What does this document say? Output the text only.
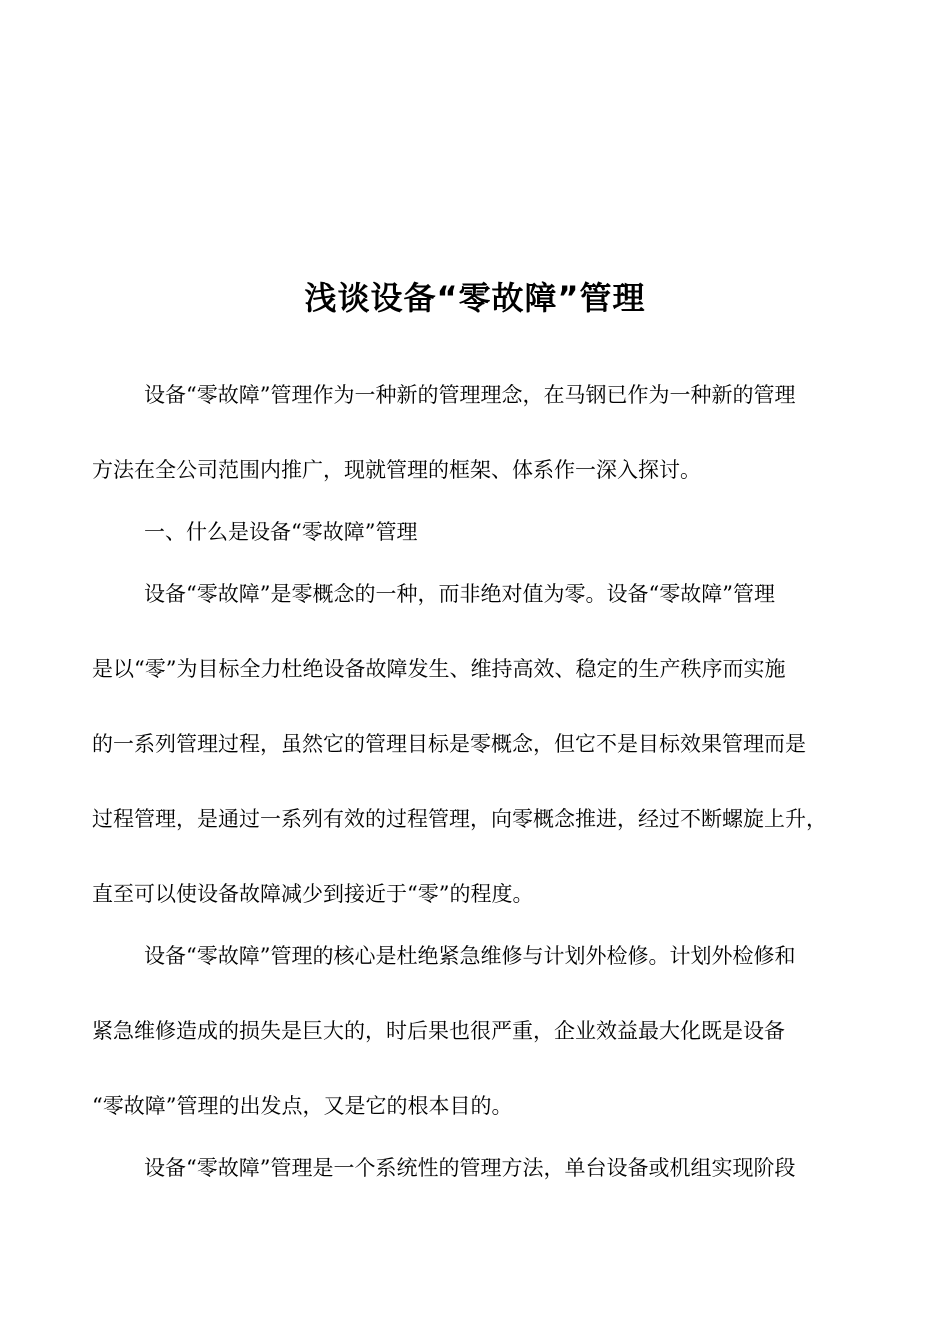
浅谈设备“零故障”管理

设备“零故障”管理作为一种新的管理理念，在马钢已作为一种新的管理

方法在全公司范围内推广，现就管理的框架、体系作一深入探讨。

一、什么是设备“零故障”管理

设备“零故障”是零概念的一种，而非绝对值为零。设备“零故障”管理

是以“零”为目标全力杜绝设备故障发生、维持高效、稳定的生产秩序而实施

的一系列管理过程，虽然它的管理目标是零概念，但它不是目标效果管理而是

过程管理，是通过一系列有效的过程管理，向零概念推进，经过不断螺旋上升，

直至可以使设备故障减少到接近于“零”的程度。

设备“零故障”管理的核心是杜绝紧急维修与计划外检修。计划外检修和

紧急维修造成的损失是巨大的，时后果也很严重，企业效益最大化既是设备

“零故障”管理的出发点，又是它的根本目的。

设备“零故障”管理是一个系统性的管理方法，单台设备或机组实现阶段
